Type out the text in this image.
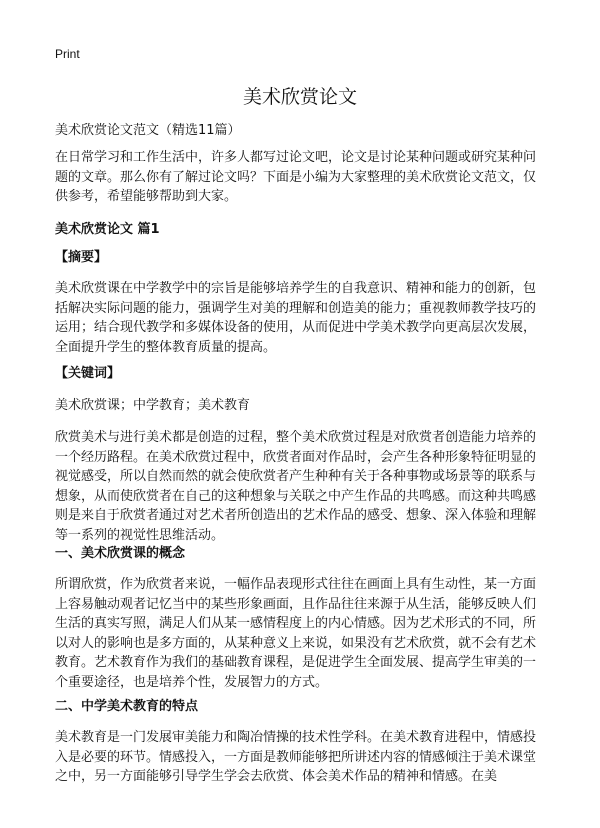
Print
美术欣赏论文

美术欣赏论文范文（精选11篇）

在日常学习和工作生活中，许多人都写过论文吧，论文是讨论某种问题或研究某种问题的文章。那么你有了解过论文吗？下面是小编为大家整理的美术欣赏论文范文，仅供参考，希望能够帮助到大家。

美术欣赏论文 篇1

【摘要】

美术欣赏课在中学教学中的宗旨是能够培养学生的自我意识、精神和能力的创新，包括解决实际问题的能力，强调学生对美的理解和创造美的能力；重视教师教学技巧的运用；结合现代教学和多媒体设备的使用，从而促进中学美术教学向更高层次发展，全面提升学生的整体教育质量的提高。

【关键词】

美术欣赏课；中学教育；美术教育

欣赏美术与进行美术都是创造的过程，整个美术欣赏过程是对欣赏者创造能力培养的一个经历路程。在美术欣赏过程中，欣赏者面对作品时，会产生各种形象特征明显的视觉感受，所以自然而然的就会使欣赏者产生种种有关于各种事物或场景等的联系与想象，从而使欣赏者在自己的这种想象与关联之中产生作品的共鸣感。而这种共鸣感则是来自于欣赏者通过对艺术者所创造出的艺术作品的感受、想象、深入体验和理解等一系列的视觉性思维活动。

一、美术欣赏课的概念

所谓欣赏，作为欣赏者来说，一幅作品表现形式往往在画面上具有生动性，某一方面上容易触动观者记忆当中的某些形象画面，且作品往往来源于从生活，能够反映人们生活的真实写照，满足人们从某一感情程度上的内心情感。因为艺术形式的不同，所以对人的影响也是多方面的，从某种意义上来说，如果没有艺术欣赏，就不会有艺术教育。艺术教育作为我们的基础教育课程，是促进学生全面发展、提高学生审美的一个重要途径，也是培养个性，发展智力的方式。

二、中学美术教育的特点

美术教育是一门发展审美能力和陶冶情操的技术性学科。在美术教育进程中，情感投入是必要的环节。情感投入，一方面是教师能够把所讲述内容的情感倾注于美术课堂之中，另一方面能够引导学生学会去欣赏、体会美术作品的精神和情感。在美
